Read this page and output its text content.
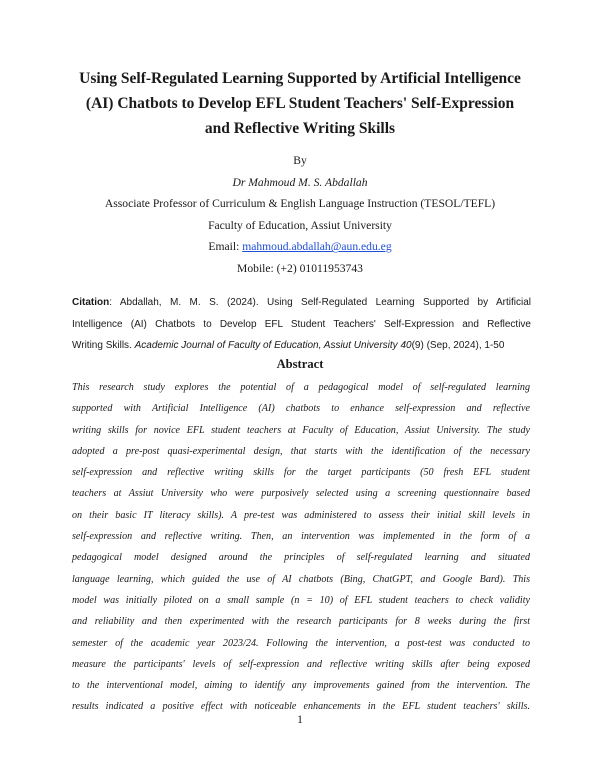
Using Self-Regulated Learning Supported by Artificial Intelligence
(AI) Chatbots to Develop EFL Student Teachers' Self-Expression
and Reflective Writing Skills
By
Dr Mahmoud M. S. Abdallah
Associate Professor of Curriculum & English Language Instruction (TESOL/TEFL)
Faculty of Education, Assiut University
Email: mahmoud.abdallah@aun.edu.eg
Mobile: (+2) 01011953743
Citation: Abdallah, M. M. S. (2024). Using Self-Regulated Learning Supported by Artificial
Intelligence (AI) Chatbots to Develop EFL Student Teachers' Self-Expression and Reflective
Writing Skills. Academic Journal of Faculty of Education, Assiut University 40(9) (Sep, 2024), 1-50
Abstract
This research study explores the potential of a pedagogical model of self-regulated learning
supported with Artificial Intelligence (AI) chatbots to enhance self-expression and reflective
writing skills for novice EFL student teachers at Faculty of Education, Assiut University. The study
adopted a pre-post quasi-experimental design, that starts with the identification of the necessary
self-expression and reflective writing skills for the target participants (50 fresh EFL student
teachers at Assiut University who were purposively selected using a screening questionnaire based
on their basic IT literacy skills). A pre-test was administered to assess their initial skill levels in
self-expression and reflective writing. Then, an intervention was implemented in the form of a
pedagogical model designed around the principles of self-regulated learning and situated
language learning, which guided the use of AI chatbots (Bing, ChatGPT, and Google Bard). This
model was initially piloted on a small sample (n = 10) of EFL student teachers to check validity
and reliability and then experimented with the research participants for 8 weeks during the first
semester of the academic year 2023/24. Following the intervention, a post-test was conducted to
measure the participants' levels of self-expression and reflective writing skills after being exposed
to the interventional model, aiming to identify any improvements gained from the intervention. The
results indicated a positive effect with noticeable enhancements in the EFL student teachers' skills.
1
